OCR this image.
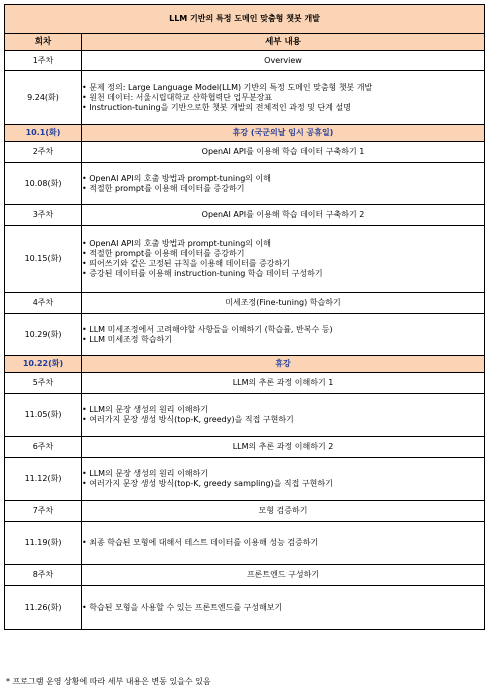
LLM 기반의 특정 도메인 맞춤형 챗봇 개발	
회차	세부 내용
1주차	Overview
9.24(화)	• 문제 정의: Large Language Model(LLM) 기반의 특정 도메인 맞춤형 챗봇 개발
• 원천 데이터: 서울시립대학교 산학협력단 업무분장표
• Instruction-tuning을 기반으로한 챗봇 개발의 전체적인 과정 및 단계 설명

10.1(화)	휴강 (국군의날 임시 공휴일)
2주차	OpenAI API를 이용해 학습 데이터 구축하기 1
10.08(화)	• OpenAI API의 호출 방법과 prompt-tuning의 이해
• 적절한 prompt를 이용해 데이터를 증강하기

3주차	OpenAI API를 이용해 학습 데이터 구축하기 2
10.15(화)	• OpenAI API의 호출 방법과 prompt-tuning의 이해
• 적절한 prompt를 이용해 데이터를 증강하기
• 띄어쓰기와 같은 고정된 규칙을 이용해 데이터를 증강하기
• 증강된 데이터를 이용해 instruction-tuning 학습 데이터 구성하기

4주차	미세조정(Fine-tuning) 학습하기
10.29(화)	• LLM 미세조정에서 고려해야할 사항들을 이해하기 (학습률, 반복수 등)
• LLM 미세조정 학습하기

10.22(화)	휴강
5주차	LLM의 추론 과정 이해하기 1
11.05(화)	• LLM의 문장 생성의 원리 이해하기
• 여러가지 문장 생성 방식(top-K, greedy)을 직접 구현하기

6주차	LLM의 추론 과정 이해하기 2
11.12(화)	• LLM의 문장 생성의 원리 이해하기
• 여러가지 문장 생성 방식(top-K, greedy sampling)을 직접 구현하기

7주차	모형 검증하기
11.19(화)	• 최종 학습된 모형에 대해서 테스트 데이터를 이용해 성능 검증하기

8주차	프론트엔드 구성하기
11.26(화)	• 학습된 모형을 사용할 수 있는 프론트엔드를 구성해보기
* 프로그램 운영 상황에 따라 세부 내용은 변동 있을수 있음
